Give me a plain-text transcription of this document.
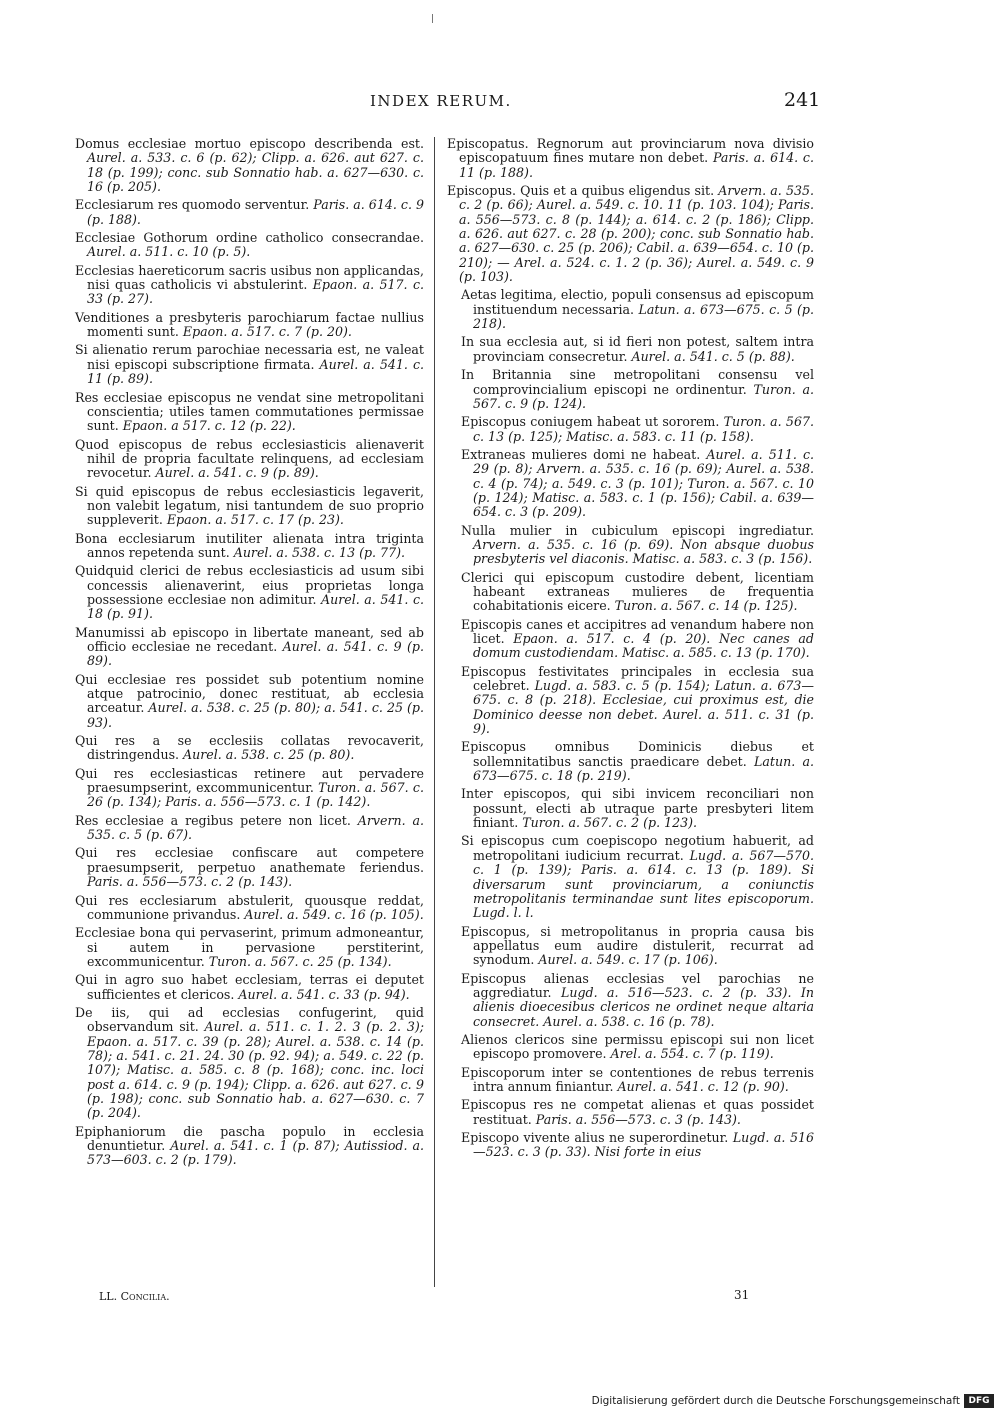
INDEX RERUM.	241

Domus ecclesiae mortuo episcopo describenda est. Aurel. a. 533. c. 6 (p. 62); Clipp. a. 626. aut 627. c. 18 (p. 199); conc. sub Sonnatio hab. a. 627—630. c. 16 (p. 205).

Ecclesiarum res quomodo serventur. Paris. a. 614. c. 9 (p. 188).

Ecclesiae Gothorum ordine catholico consecrandae. Aurel. a. 511. c. 10 (p. 5).

Ecclesias haereticorum sacris usibus non applicandas, nisi quas catholicis vi abstulerint. Epaon. a. 517. c. 33 (p. 27).

Venditiones a presbyteris parochiarum factae nullius momenti sunt. Epaon. a. 517. c. 7 (p. 20).

Si alienatio rerum parochiae necessaria est, ne valeat nisi episcopi subscriptione firmata. Aurel. a. 541. c. 11 (p. 89).

Res ecclesiae episcopus ne vendat sine metropolitani conscientia; utiles tamen commutationes permissae sunt. Epaon. a 517. c. 12 (p. 22).

Quod episcopus de rebus ecclesiasticis alienaverit nihil de propria facultate relinquens, ad ecclesiam revocetur. Aurel. a. 541. c. 9 (p. 89).

Si quid episcopus de rebus ecclesiasticis legaverit, non valebit legatum, nisi tantundem de suo proprio suppleverit. Epaon. a. 517. c. 17 (p. 23).

Bona ecclesiarum inutiliter alienata intra triginta annos repetenda sunt. Aurel. a. 538. c. 13 (p. 77).

Quidquid clerici de rebus ecclesiasticis ad usum sibi concessis alienaverint, eius proprietas longa possessione ecclesiae non adimitur. Aurel. a. 541. c. 18 (p. 91).

Manumissi ab episcopo in libertate maneant, sed ab officio ecclesiae ne recedant. Aurel. a. 541. c. 9 (p. 89).

Qui ecclesiae res possidet sub potentium nomine atque patrocinio, donec restituat, ab ecclesia arceatur. Aurel. a. 538. c. 25 (p. 80); a. 541. c. 25 (p. 93).

Qui res a se ecclesiis collatas revocaverit, distringendus. Aurel. a. 538. c. 25 (p. 80).

Qui res ecclesiasticas retinere aut pervadere praesumpserint, excommunicentur. Turon. a. 567. c. 26 (p. 134); Paris. a. 556—573. c. 1 (p. 142).

Res ecclesiae a regibus petere non licet. Arvern. a. 535. c. 5 (p. 67).

Qui res ecclesiae confiscare aut competere praesumpserit, perpetuo anathemate feriendus. Paris. a. 556—573. c. 2 (p. 143).

Qui res ecclesiarum abstulerit, quousque reddat, communione privandus. Aurel. a. 549. c. 16 (p. 105).

Ecclesiae bona qui pervaserint, primum admoneantur, si autem in pervasione perstiterint, excommunicentur. Turon. a. 567. c. 25 (p. 134).

Qui in agro suo habet ecclesiam, terras ei deputet sufficientes et clericos. Aurel. a. 541. c. 33 (p. 94).

De iis, qui ad ecclesias confugerint, quid observandum sit. Aurel. a. 511. c. 1. 2. 3 (p. 2. 3); Epaon. a. 517. c. 39 (p. 28); Aurel. a. 538. c. 14 (p. 78); a. 541. c. 21. 24. 30 (p. 92. 94); a. 549. c. 22 (p. 107); Matisc. a. 585. c. 8 (p. 168); conc. inc. loci post a. 614. c. 9 (p. 194); Clipp. a. 626. aut 627. c. 9 (p. 198); conc. sub Sonnatio hab. a. 627—630. c. 7 (p. 204).

Epiphaniorum die pascha populo in ecclesia denuntietur. Aurel. a. 541. c. 1 (p. 87); Autissiod. a. 573—603. c. 2 (p. 179).

Episcopatus. Regnorum aut provinciarum nova divisio episcopatuum fines mutare non debet. Paris. a. 614. c. 11 (p. 188).

Episcopus. Quis et a quibus eligendus sit. Arvern. a. 535. c. 2 (p. 66); Aurel. a. 549. c. 10. 11 (p. 103. 104); Paris. a. 556—573. c. 8 (p. 144); a. 614. c. 2 (p. 186); Clipp. a. 626. aut 627. c. 28 (p. 200); conc. sub Sonnatio hab. a. 627—630. c. 25 (p. 206); Cabil. a. 639—654. c. 10 (p. 210); — Arel. a. 524. c. 1. 2 (p. 36); Aurel. a. 549. c. 9 (p. 103).

Aetas legitima, electio, populi consensus ad episcopum instituendum necessaria. Latun. a. 673—675. c. 5 (p. 218).

In sua ecclesia aut, si id fieri non potest, saltem intra provinciam consecretur. Aurel. a. 541. c. 5 (p. 88).

In Britannia sine metropolitani consensu vel comprovincialium episcopi ne ordinentur. Turon. a. 567. c. 9 (p. 124).

Episcopus coniugem habeat ut sororem. Turon. a. 567. c. 13 (p. 125); Matisc. a. 583. c. 11 (p. 158).

Extraneas mulieres domi ne habeat. Aurel. a. 511. c. 29 (p. 8); Arvern. a. 535. c. 16 (p. 69); Aurel. a. 538. c. 4 (p. 74); a. 549. c. 3 (p. 101); Turon. a. 567. c. 10 (p. 124); Matisc. a. 583. c. 1 (p. 156); Cabil. a. 639—654. c. 3 (p. 209).

Nulla mulier in cubiculum episcopi ingrediatur. Arvern. a. 535. c. 16 (p. 69). Non absque duobus presbyteris vel diaconis. Matisc. a. 583. c. 3 (p. 156).

Clerici qui episcopum custodire debent, licentiam habeant extraneas mulieres de frequentia cohabitationis eicere. Turon. a. 567. c. 14 (p. 125).

Episcopis canes et accipitres ad venandum habere non licet. Epaon. a. 517. c. 4 (p. 20). Nec canes ad domum custodiendam. Matisc. a. 585. c. 13 (p. 170).

Episcopus festivitates principales in ecclesia sua celebret. Lugd. a. 583. c. 5 (p. 154); Latun. a. 673—675. c. 8 (p. 218). Ecclesiae, cui proximus est, die Dominico deesse non debet. Aurel. a. 511. c. 31 (p. 9).

Episcopus omnibus Dominicis diebus et sollemnitatibus sanctis praedicare debet. Latun. a. 673—675. c. 18 (p. 219).

Inter episcopos, qui sibi invicem reconciliari non possunt, electi ab utraque parte presbyteri litem finiant. Turon. a. 567. c. 2 (p. 123).

Si episcopus cum coepiscopo negotium habuerit, ad metropolitani iudicium recurrat. Lugd. a. 567—570. c. 1 (p. 139); Paris. a. 614. c. 13 (p. 189). Si diversarum sunt provinciarum, a coniunctis metropolitanis terminandae sunt lites episcoporum. Lugd. l. l.

Episcopus, si metropolitanus in propria causa bis appellatus eum audire distulerit, recurrat ad synodum. Aurel. a. 549. c. 17 (p. 106).

Episcopus alienas ecclesias vel parochias ne aggrediatur. Lugd. a. 516—523. c. 2 (p. 33). In alienis dioecesibus clericos ne ordinet neque altaria consecret. Aurel. a. 538. c. 16 (p. 78).

Alienos clericos sine permissu episcopi sui non licet episcopo promovere. Arel. a. 554. c. 7 (p. 119).

Episcoporum inter se contentiones de rebus terrenis intra annum finiantur. Aurel. a. 541. c. 12 (p. 90).

Episcopus res ne competat alienas et quas possidet restituat. Paris. a. 556—573. c. 3 (p. 143).

Episcopo vivente alius ne superordinetur. Lugd. a. 516—523. c. 3 (p. 33). Nisi forte in eius

LL. Concilia.	31
Digitalisierung gefördert durch die Deutsche Forschungsgemeinschaft DFG
